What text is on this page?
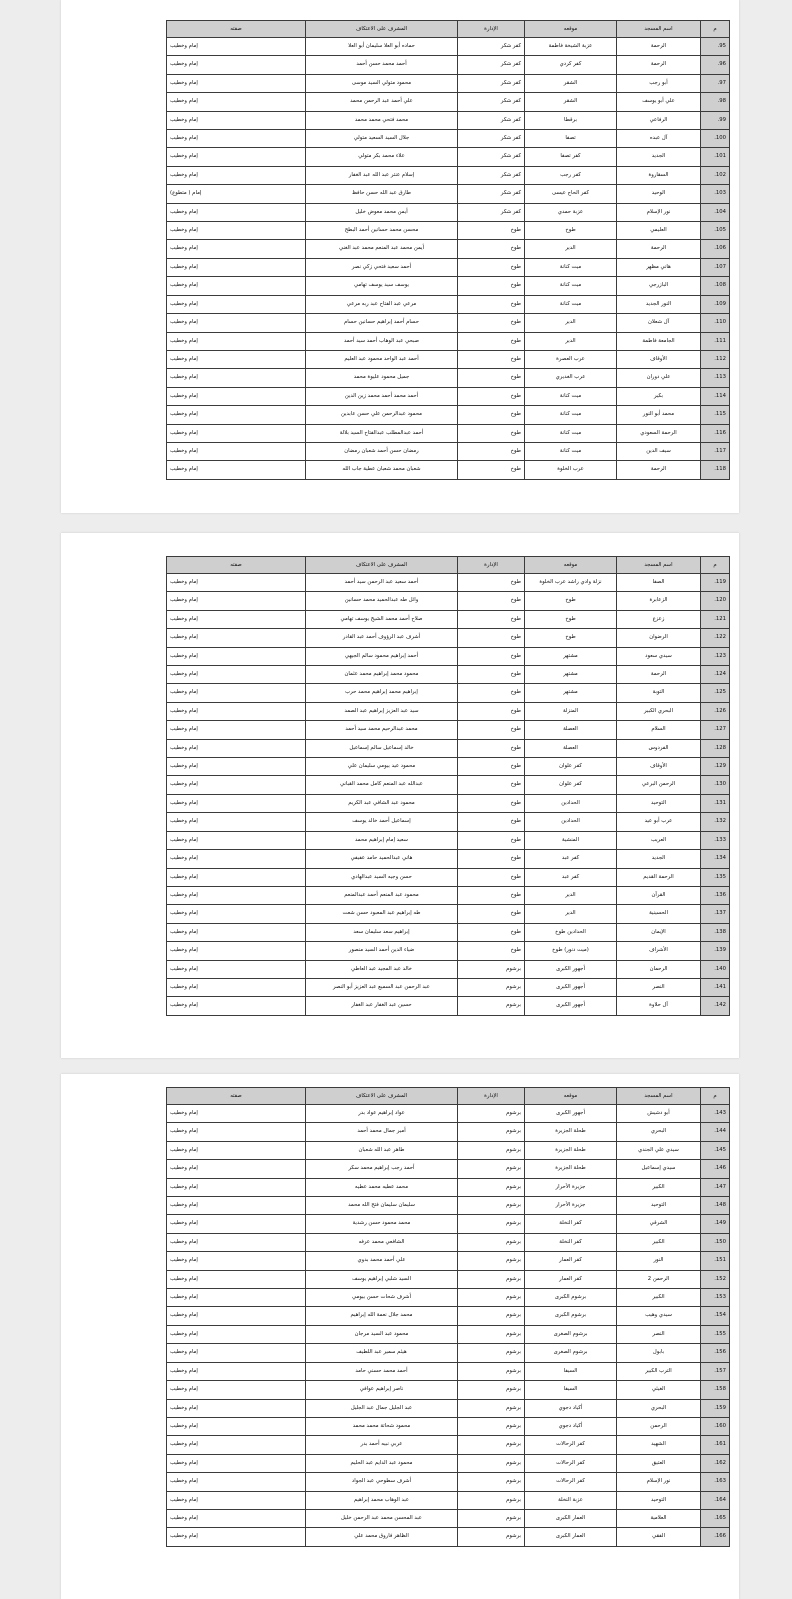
م	اسم المسجد	موقعه	الإدارة	المشرف على الاعتكاف	صفته
95.	الرحمة	عزبة الشيخة فاطمة	كفر شكر	حماده أبو العلا سليمان أبو العلا	إمام وخطيب
96.	الرحمة	كفر كردي	كفر شكر	أحمد محمد حسن أحمد	إمام وخطيب
97.	أبو رجب	الشقر	كفر شكر	محمود متولي السيد موسى	إمام وخطيب
98.	علي أبو يوسف	الشقر	كفر شكر	علي أحمد عبد الرحمن محمد	إمام وخطيب
99.	الرفاعي	برقطا	كفر شكر	محمد فتحي محمد محمد	إمام وخطيب
100.	آل عبده	تصفا	كفر شكر	جلال السيد السعيد متولي	إمام وخطيب
101.	الجديد	كفر تصفا	كفر شكر	علاء محمد بكر متولي	إمام وخطيب
102.	السقاروة	كفر رجب	كفر شكر	إسلام عنتر عبد الله عبد الغفار	إمام وخطيب
103.	الوحيد	كفر الحاج عيسى	كفر شكر	طارق عبد الله حسن حافظ	إمام ( متطوع)
104.	نور الإسلام	عزبة حمدي	كفر شكر	أيمن محمد معوض خليل	إمام وخطيب
105.	العليمي	طوخ	طوخ	محسن محمد حسانين أحمد البطح	إمام وخطيب
106.	الرحمة	الدير	طوخ	أيمن محمد عبد المنعم محمد عبد الغني	إمام وخطيب
107.	هاني مظهر	ميت كنانة	طوخ	أحمد سعيد فتحي زكي نصر	إمام وخطيب
108.	البازرجي	ميت كنانة	طوخ	يوسف سيد يوسف تهامي	إمام وخطيب
109.	النور الجديد	ميت كنانة	طوخ	مرعي عبد الفتاح عبد ربه مرعي	إمام وخطيب
110.	آل شعلان	الدير	طوخ	حسام أحمد إبراهيم حسانين حسام	إمام وخطيب
111.	الجامعة فاطمة	الدير	طوخ	صبحي عبد الوهاب أحمد سيد أحمد	إمام وخطيب
112.	الأوقاف	عرب العصرة	طوخ	أحمد عبد الواحد محمود عبد العليم	إمام وخطيب
113.	علي دوران	عرب الغديري	طوخ	جميل محمود عليوة محمد	إمام وخطيب
114.	بكير	ميت كنانة	طوخ	أحمد محمد أحمد محمد زين الدين	إمام وخطيب
115.	محمد أبو النور	ميت كنانة	طوخ	محمود عبدالرحمن علي حسن عابدين	إمام وخطيب
116.	الرحمة السعودي	ميت كنانة	طوخ	أحمد عبدالمطلب عبدالفتاح السيد بلالة	إمام وخطيب
117.	سيف الدين	ميت كنانة	طوخ	رمضان حسن أحمد شعبان رمضان	إمام وخطيب
118.	الرحمة	عرب الخلوة	طوخ	شعبان محمد شعبان عطية جاب الله	إمام وخطيب
م	اسم المسجد	موقعه	الإدارة	المشرف على الاعتكاف	صفته
119.	الصفا	نزلة وادي راشد عرب الخلوة	طوخ	أحمد سعيد عبد الرحمن سيد أحمد	إمام وخطيب
120.	الزعابرة	طوخ	طوخ	وائل طه عبدالحميد محمد حسانين	إمام وخطيب
121.	زعزع	طوخ	طوخ	صلاح أحمد محمد الشيخ يوسف تهامي	إمام وخطيب
122.	الرضوان	طوخ	طوخ	أشرف عبد الرؤوف أحمد عبد القادر	إمام وخطيب
123.	سيدي سعود	مشتهر	طوخ	أحمد إبراهيم محمود سالم الجيهي	إمام وخطيب
124.	الرحمة	مشتهر	طوخ	محمود محمد إبراهيم محمد عثمان	إمام وخطيب
125.	التوبة	مشتهر	طوخ	إبراهيم محمد إبراهيم محمد حرب	إمام وخطيب
126.	البحري الكبير	المنزلة	طوخ	سيد عبد العزيز إبراهيم عبد الصمد	إمام وخطيب
127.	السلام	العصلة	طوخ	محمد عبدالرحيم محمد سيد أحمد	إمام وخطيب
128.	الفردوس	العصلة	طوخ	خالد إسماعيل سالم إسماعيل	إمام وخطيب
129.	الأوقاف	كفر علوان	طوخ	محمود عيد بيومي سليمان علي	إمام وخطيب
130.	الرحمن البرعي	كفر علوان	طوخ	عبدالله عبد المنعم كامل محمد القباني	إمام وخطيب
131.	التوحيد	الحدادين	طوخ	محمود عبد الشافي عبد الكريم	إمام وخطيب
132.	عرب أبو عيد	الحدادين	طوخ	إسماعيل أحمد خالد يوسف	إمام وخطيب
133.	العريب	المنشية	طوخ	سعيد إمام إبراهيم محمد	إمام وخطيب
134.	الجديد	كفر عبد	طوخ	هاني عبدالحميد حامد عفيفي	إمام وخطيب
135.	الرحمة القديم	كفر عبد	طوخ	حسن وجيه السيد عبدالهادي	إمام وخطيب
136.	القرآن	الدير	طوخ	محمود عبد المنعم أحمد عبدالمنعم	إمام وخطيب
137.	الحسينية	الدير	طوخ	طه إبراهيم عبد المعبود حسن شعت	إمام وخطيب
138.	الإيمان	الحدادين طوخ	طوخ	إبراهيم سعد سليمان سعد	إمام وخطيب
139.	الأشراف	(ميت دنور) طوخ	طوخ	ضياء الدين أحمد السيد منصور	إمام وخطيب
140.	الرحمان	أجهور الكبرى	برشوم	خالد عبد المجيد عبد العاطي	إمام وخطيب
141.	النصر	أجهور الكبرى	برشوم	عبد الرحمن عبد السميع عبد العزيز أبو النصر	إمام وخطيب
142.	آل حلاوة	أجهور الكبرى	برشوم	حسين عبد الغفار عبد الغفار	إمام وخطيب
م	اسم المسجد	موقعه	الإدارة	المشرف على الاعتكاف	صفته
143.	أبو دشيش	أجهور الكبرى	برشوم	عواد إبراهيم عواد بدر	إمام وخطيب
144.	البحري	طحلة الجزيرة	برشوم	أمير جمال محمد أحمد	إمام وخطيب
145.	سيدي علي الجندي	طحلة الجزيرة	برشوم	طاهر عبد الله شعبان	إمام وخطيب
146.	سيدي إسماعيل	طحلة الجزيرة	برشوم	أحمد رجب إبراهيم محمد سكر	إمام وخطيب
147.	الكبير	جزيرة الأحرار	برشوم	محمد عطيه محمد عطيه	إمام وخطيب
148.	التوحيد	جزيرة الأحرار	برشوم	سليمان سليمان فتح الله محمد	إمام وخطيب
149.	الشرقي	كفر النخلة	برشوم	محمد محمود حسن رشدية	إمام وخطيب
150.	الكبير	كفر النخلة	برشوم	الشافعي محمد عرفه	إمام وخطيب
151.	النور	كفر العمار	برشوم	علي أحمد محمد بدوي	إمام وخطيب
152.	الرحمن 2	كفر العمار	برشوم	السيد شلبي إبراهيم يوسف	إمام وخطيب
153.	الكبير	برشوم الكبرى	برشوم	أشرف شحات حسن بيومي	إمام وخطيب
154.	سيدي وهيب	برشوم الكبرى	برشوم	محمد جلال نعمة الله إبراهيم	إمام وخطيب
155.	النصر	برشوم الصغرى	برشوم	محمود عبد السيد مرجان	إمام وخطيب
156.	بابول	برشوم الصغرى	برشوم	هيثم سمير عبد اللطيف	إمام وخطيب
157.	الترب الكبير	السيفا	برشوم	أحمد محمد حسني حامد	إمام وخطيب
158.	الغيثي	السيفا	برشوم	ناصر إبراهيم عوافي	إمام وخطيب
159.	البحري	أكياد دجوي	برشوم	عبد الجليل جمال عبد الجليل	إمام وخطيب
160.	الرحمن	أكياد دجوي	برشوم	محمود شحاتة محمد محمد	إمام وخطيب
161.	الشهيد	كفر الرحالات	برشوم	عربي نبيه أحمد بدر	إمام وخطيب
162.	العتيق	كفر الرحالات	برشوم	محمود عبد الدايم عبد الحليم	إمام وخطيب
163.	نور الإسلام	كفر الرحالات	برشوم	أشرف سطوحي عبد الجواد	إمام وخطيب
164.	التوحيد	عزبة النخلة	برشوم	عبد الوهاب محمد إبراهيم	إمام وخطيب
165.	العلامية	العمار الكبرى	برشوم	عبد المحسن محمد عبد الرحمن خليل	إمام وخطيب
166.	الفقي	العمار الكبرى	برشوم	الظاهر فاروق محمد علي	إمام وخطيب
